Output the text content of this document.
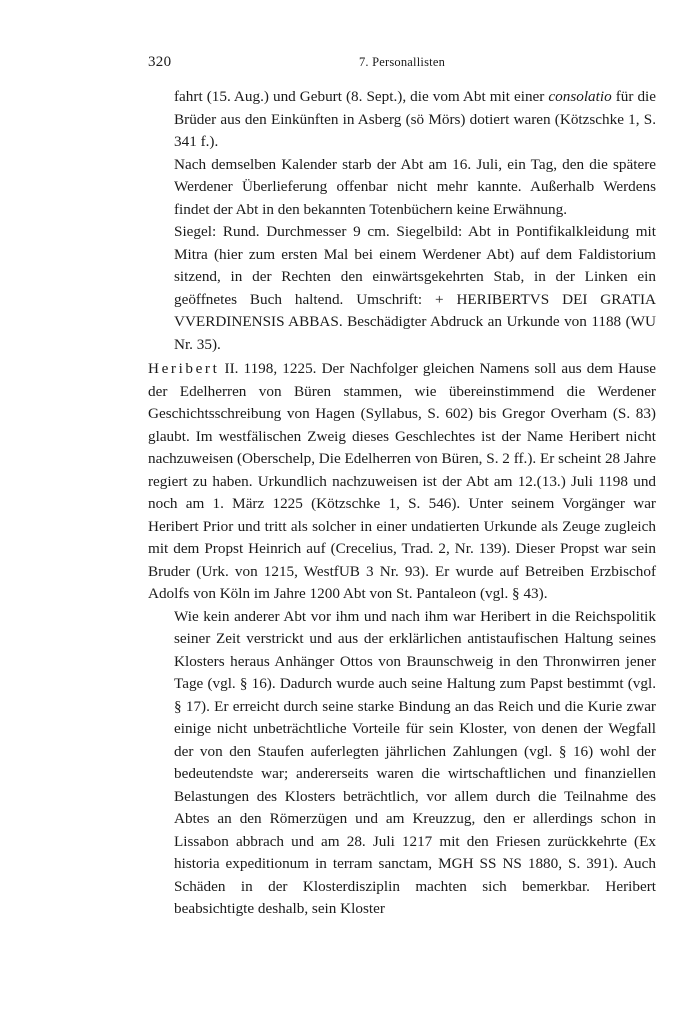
320	7. Personallisten

fahrt (15. Aug.) und Geburt (8. Sept.), die vom Abt mit einer consolatio für die Brüder aus den Einkünften in Asberg (sö Mörs) dotiert waren (Kötzschke 1, S. 341 f.).

Nach demselben Kalender starb der Abt am 16. Juli, ein Tag, den die spätere Werdener Überlieferung offenbar nicht mehr kannte. Außerhalb Werdens findet der Abt in den bekannten Totenbüchern keine Erwähnung.

Siegel: Rund. Durchmesser 9 cm. Siegelbild: Abt in Pontifikalkleidung mit Mitra (hier zum ersten Mal bei einem Werdener Abt) auf dem Faldistorium sitzend, in der Rechten den einwärtsgekehrten Stab, in der Linken ein geöffnetes Buch haltend. Umschrift: + HERIBERTVS DEI GRATIA VVERDINENSIS ABBAS. Beschädigter Abdruck an Urkunde von 1188 (WU Nr. 35).

Heribert II. 1198, 1225. Der Nachfolger gleichen Namens soll aus dem Hause der Edelherren von Büren stammen, wie übereinstimmend die Werdener Geschichtsschreibung von Hagen (Syllabus, S. 602) bis Gregor Overham (S. 83) glaubt. Im westfälischen Zweig dieses Geschlechtes ist der Name Heribert nicht nachzuweisen (Oberschelp, Die Edelherren von Büren, S. 2 ff.). Er scheint 28 Jahre regiert zu haben. Urkundlich nachzuweisen ist der Abt am 12.(13.) Juli 1198 und noch am 1. März 1225 (Kötzschke 1, S. 546). Unter seinem Vorgänger war Heribert Prior und tritt als solcher in einer undatierten Urkunde als Zeuge zugleich mit dem Propst Heinrich auf (Crecelius, Trad. 2, Nr. 139). Dieser Propst war sein Bruder (Urk. von 1215, WestfUB 3 Nr. 93). Er wurde auf Betreiben Erzbischof Adolfs von Köln im Jahre 1200 Abt von St. Pantaleon (vgl. § 43).

Wie kein anderer Abt vor ihm und nach ihm war Heribert in die Reichspolitik seiner Zeit verstrickt und aus der erklärlichen antistaufischen Haltung seines Klosters heraus Anhänger Ottos von Braunschweig in den Thronwirren jener Tage (vgl. § 16). Dadurch wurde auch seine Haltung zum Papst bestimmt (vgl. § 17). Er erreicht durch seine starke Bindung an das Reich und die Kurie zwar einige nicht unbeträchtliche Vorteile für sein Kloster, von denen der Wegfall der von den Staufen auferlegten jährlichen Zahlungen (vgl. § 16) wohl der bedeutendste war; andererseits waren die wirtschaftlichen und finanziellen Belastungen des Klosters beträchtlich, vor allem durch die Teilnahme des Abtes an den Römerzügen und am Kreuzzug, den er allerdings schon in Lissabon abbrach und am 28. Juli 1217 mit den Friesen zurückkehrte (Ex historia expeditionum in terram sanctam, MGH SS NS 1880, S. 391). Auch Schäden in der Klosterdisziplin machten sich bemerkbar. Heribert beabsichtigte deshalb, sein Kloster
